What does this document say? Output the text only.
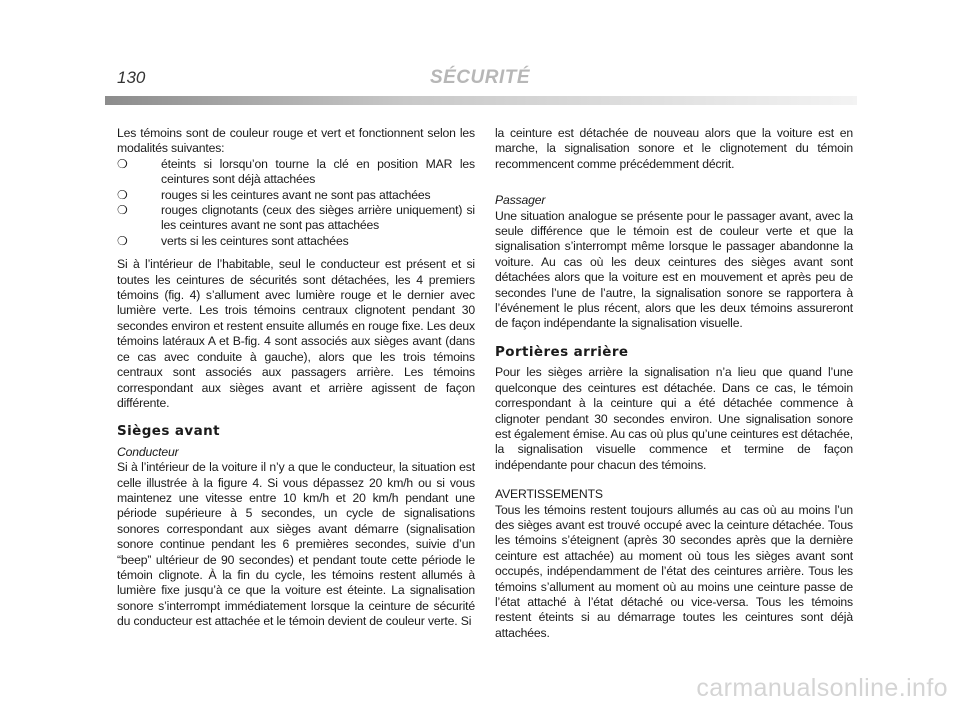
130	SÉCURITÉ

Les témoins sont de couleur rouge et vert et fonctionnent selon les modalités suivantes:

❍	éteints si lorsqu’on tourne la clé en position MAR les ceintures sont déjà attachées
❍	rouges si les ceintures avant ne sont pas attachées
❍	rouges clignotants (ceux des sièges arrière uniquement) si les ceintures avant ne sont pas attachées
❍	verts si les ceintures sont attachées

Si à l’intérieur de l’habitable, seul le conducteur est présent et si toutes les ceintures de sécurités sont détachées, les 4 premiers témoins (fig. 4) s’allument avec lumière rouge et le dernier avec lumière verte. Les trois témoins centraux clignotent pendant 30 secondes environ et restent ensuite allumés en rouge fixe. Les deux témoins latéraux A et B-fig. 4 sont associés aux sièges avant (dans ce cas avec conduite à gauche), alors que les trois témoins centraux sont associés aux passagers arrière. Les témoins correspondant aux sièges avant et arrière agissent de façon différente.

Sièges avant
Conducteur

Si à l’intérieur de la voiture il n’y a que le conducteur, la situation est celle illustrée à la figure 4. Si vous dépassez 20 km/h ou si vous maintenez une vitesse entre 10 km/h et 20 km/h pendant une période supérieure à 5 secondes, un cycle de signalisations sonores correspondant aux sièges avant démarre (signalisation sonore continue pendant les 6 premières secondes, suivie d’un “beep” ultérieur de 90 secondes) et pendant toute cette période le témoin clignote. À la fin du cycle, les témoins restent allumés à lumière fixe jusqu’à ce que la voiture est éteinte. La signalisation sonore s’interrompt immédiatement lorsque la ceinture de sécurité du conducteur est attachée et le témoin devient de couleur verte. Si

la ceinture est détachée de nouveau alors que la voiture est en marche, la signalisation sonore et le clignotement du témoin recommencent comme précédemment décrit.

Passager

Une situation analogue se présente pour le passager avant, avec la seule différence que le témoin est de couleur verte et que la signalisation s’interrompt même lorsque le passager abandonne la voiture. Au cas où les deux ceintures des sièges avant sont détachées alors que la voiture est en mouvement et après peu de secondes l’une de l’autre, la signalisation sonore se rapportera à l’événement le plus récent, alors que les deux témoins assureront de façon indépendante la signalisation visuelle.

Portières arrière

Pour les sièges arrière la signalisation n’a lieu que quand l’une quelconque des ceintures est détachée. Dans ce cas, le témoin correspondant à la ceinture qui a été détachée commence à clignoter pendant 30 secondes environ. Une signalisation sonore est également émise. Au cas où plus qu’une ceintures est détachée, la signalisation visuelle commence et termine de façon indépendante pour chacun des témoins.

AVERTISSEMENTS

Tous les témoins restent toujours allumés au cas où au moins l’un des sièges avant est trouvé occupé avec la ceinture détachée. Tous les témoins s’éteignent (après 30 secondes après que la dernière ceinture est attachée) au moment où tous les sièges avant sont occupés, indépendamment de l’état des ceintures arrière. Tous les témoins s’allument au moment où au moins une ceinture passe de l’état attaché à l’état détaché ou vice-versa. Tous les témoins restent éteints si au démarrage toutes les ceintures sont déjà attachées.

carmanualsonline.info
